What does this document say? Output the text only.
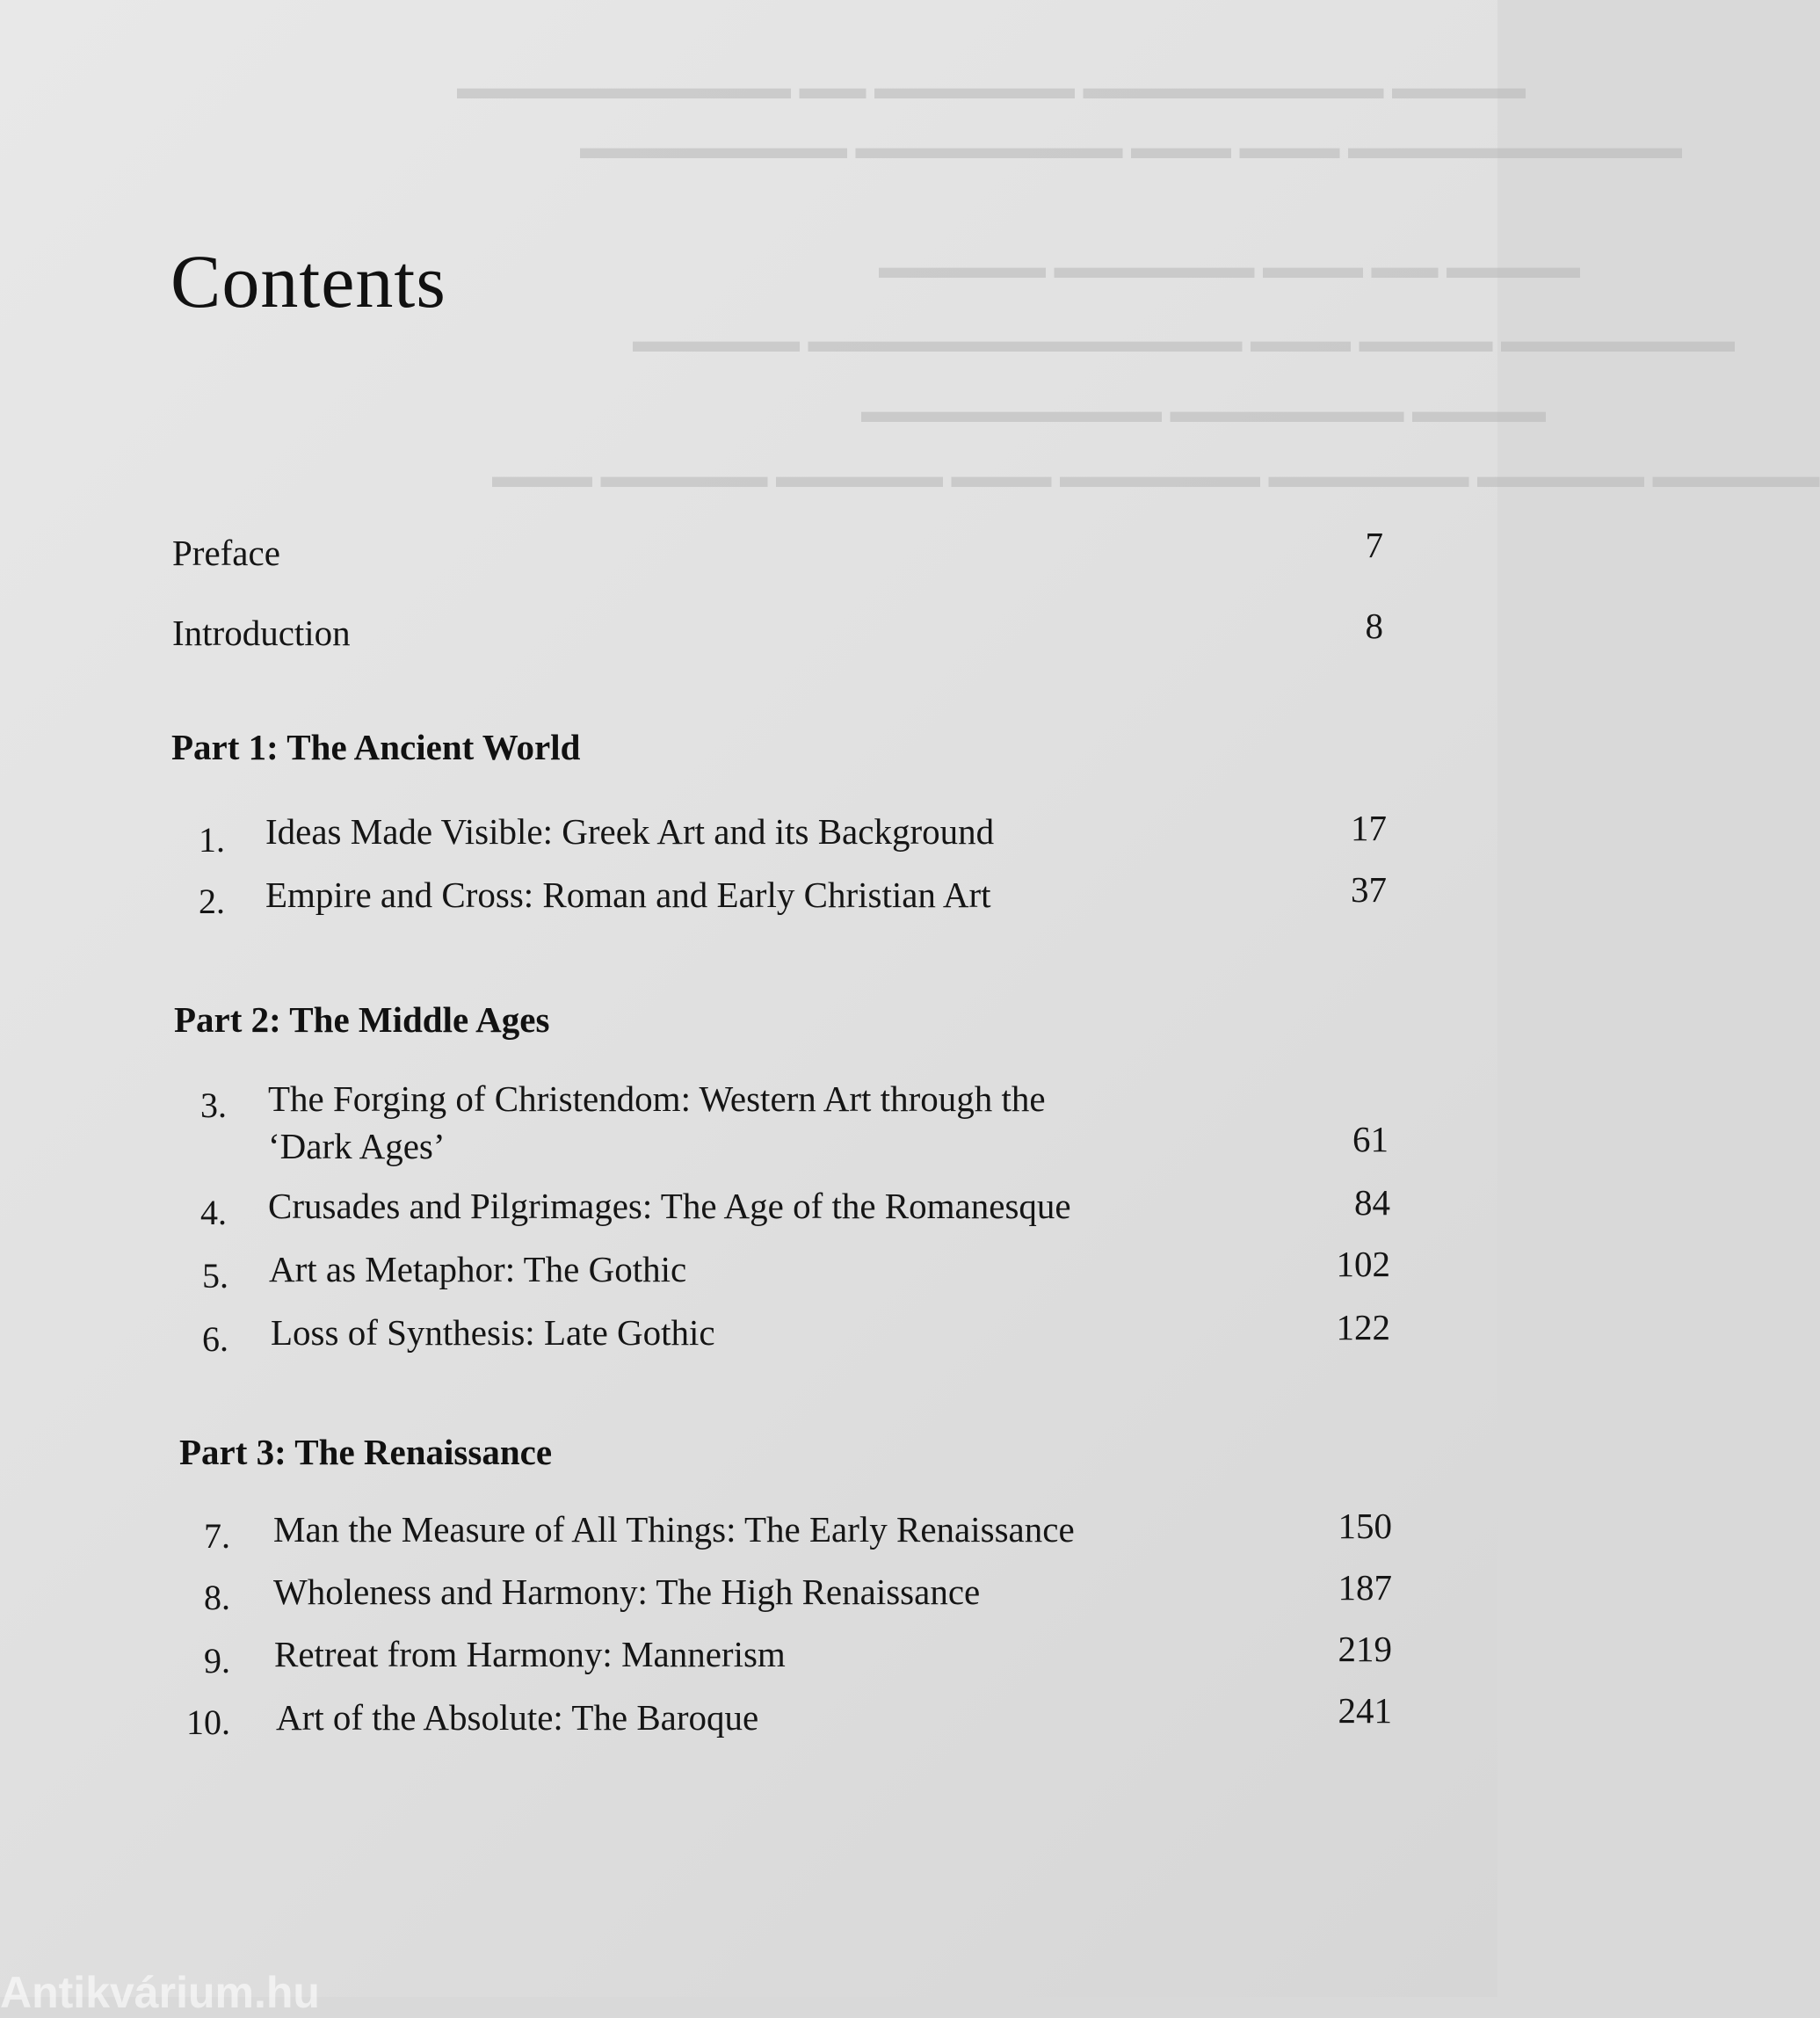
▬▬▬▬ ▬▬▬▬▬▬▬▬▬ ▬▬▬▬▬▬ ▬▬ ▬▬▬▬▬▬▬▬▬▬
▬▬▬▬▬▬▬▬▬▬ ▬▬▬ ▬▬▬ ▬▬▬▬▬▬▬▬ ▬▬▬▬▬▬▬▬
▬▬▬▬ ▬▬ ▬▬▬ ▬▬▬▬▬▬ ▬▬▬▬▬
▬▬▬▬▬▬▬ ▬▬▬▬ ▬▬▬ ▬▬▬▬▬▬▬▬▬▬▬▬▬ ▬▬▬▬▬
▬▬▬▬ ▬▬▬▬▬▬▬ ▬▬▬▬▬▬▬▬▬
▬▬▬▬▬ ▬▬▬▬▬ ▬▬▬▬▬▬ ▬▬▬▬▬▬ ▬▬▬ ▬▬▬▬▬ ▬▬▬▬▬ ▬▬▬
Contents
Preface	7
Introduction	8
Part 1: The Ancient World
1. Ideas Made Visible: Greek Art and its Background	17
2. Empire and Cross: Roman and Early Christian Art	37
Part 2: The Middle Ages
3. The Forging of Christendom: Western Art through the
‘Dark Ages’	61
4. Crusades and Pilgrimages: The Age of the Romanesque	84
5. Art as Metaphor: The Gothic	102
6. Loss of Synthesis: Late Gothic	122
Part 3: The Renaissance
7. Man the Measure of All Things: The Early Renaissance	150
8. Wholeness and Harmony: The High Renaissance	187
9. Retreat from Harmony: Mannerism	219
10. Art of the Absolute: The Baroque	241
Antikvárium.hu
